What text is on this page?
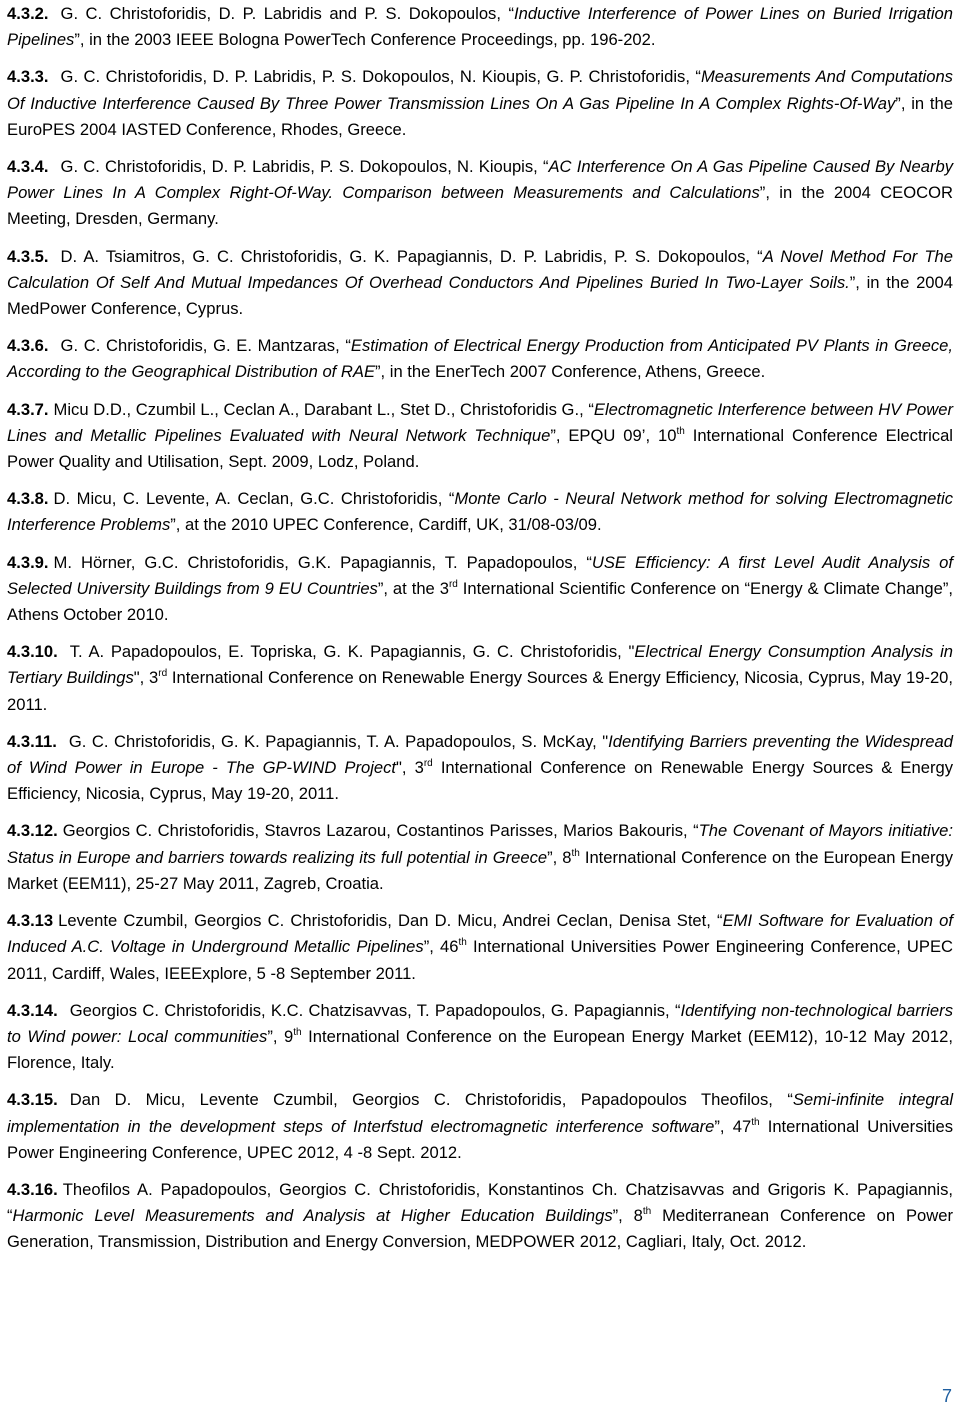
4.3.2. G. C. Christoforidis, D. P. Labridis and P. S. Dokopoulos, “Inductive Interference of Power Lines on Buried Irrigation Pipelines”, in the 2003 IEEE Bologna PowerTech Conference Proceedings, pp. 196-202.
4.3.3. G. C. Christoforidis, D. P. Labridis, P. S. Dokopoulos, N. Kioupis, G. P. Christoforidis, “Measurements And Computations Of Inductive Interference Caused By Three Power Transmission Lines On A Gas Pipeline In A Complex Rights-Of-Way”, in the EuroPES 2004 IASTED Conference, Rhodes, Greece.
4.3.4. G. C. Christoforidis, D. P. Labridis, P. S. Dokopoulos, N. Kioupis, “AC Interference On A Gas Pipeline Caused By Nearby Power Lines In A Complex Right-Of-Way. Comparison between Measurements and Calculations”, in the 2004 CEOCOR Meeting, Dresden, Germany.
4.3.5. D. A. Tsiamitros, G. C. Christoforidis, G. K. Papagiannis, D. P. Labridis, P. S. Dokopoulos, “A Novel Method For The Calculation Of Self And Mutual Impedances Of Overhead Conductors And Pipelines Buried In Two-Layer Soils.”, in the 2004 MedPower Conference, Cyprus.
4.3.6. G. C. Christoforidis, G. E. Mantzaras, “Estimation of Electrical Energy Production from Anticipated PV Plants in Greece, According to the Geographical Distribution of RAE”, in the EnerTech 2007 Conference, Athens, Greece.
4.3.7. Micu D.D., Czumbil L., Ceclan A., Darabant L., Stet D., Christoforidis G., “Electromagnetic Interference between HV Power Lines and Metallic Pipelines Evaluated with Neural Network Technique”, EPQU 09’, 10th International Conference Electrical Power Quality and Utilisation, Sept. 2009, Lodz, Poland.
4.3.8. D. Micu, C. Levente, A. Ceclan, G.C. Christoforidis, “Monte Carlo - Neural Network method for solving Electromagnetic Interference Problems”, at the 2010 UPEC Conference, Cardiff, UK, 31/08-03/09.
4.3.9. M. Hörner, G.C. Christoforidis, G.K. Papagiannis, T. Papadopoulos, “USE Efficiency: A first Level Audit Analysis of Selected University Buildings from 9 EU Countries”, at the 3rd International Scientific Conference on “Energy & Climate Change”, Athens October 2010.
4.3.10. T. A. Papadopoulos, E. Topriska, G. K. Papagiannis, G. C. Christoforidis, "Electrical Energy Consumption Analysis in Tertiary Buildings", 3rd International Conference on Renewable Energy Sources & Energy Efficiency, Nicosia, Cyprus, May 19-20, 2011.
4.3.11. G. C. Christoforidis, G. K. Papagiannis, T. A. Papadopoulos, S. McKay, "Identifying Barriers preventing the Widespread of Wind Power in Europe - The GP-WIND Project", 3rd International Conference on Renewable Energy Sources & Energy Efficiency, Nicosia, Cyprus, May 19-20, 2011.
4.3.12. Georgios C. Christoforidis, Stavros Lazarou, Costantinos Parisses, Marios Bakouris, “The Covenant of Mayors initiative: Status in Europe and barriers towards realizing its full potential in Greece”, 8th International Conference on the European Energy Market (EEM11), 25-27 May 2011, Zagreb, Croatia.
4.3.13 Levente Czumbil, Georgios C. Christoforidis, Dan D. Micu, Andrei Ceclan, Denisa Stet, “EMI Software for Evaluation of Induced A.C. Voltage in Underground Metallic Pipelines”, 46th International Universities Power Engineering Conference, UPEC 2011, Cardiff, Wales, IEEExplore, 5 -8 September 2011.
4.3.14. Georgios C. Christoforidis, K.C. Chatzisavvas, T. Papadopoulos, G. Papagiannis, “Identifying non-technological barriers to Wind power: Local communities”, 9th International Conference on the European Energy Market (EEM12), 10-12 May 2012, Florence, Italy.
4.3.15. Dan D. Micu, Levente Czumbil, Georgios C. Christoforidis, Papadopoulos Theofilos, “Semi-infinite integral implementation in the development steps of Interfstud electromagnetic interference software”, 47th International Universities Power Engineering Conference, UPEC 2012, 4 -8 Sept. 2012.
4.3.16. Theofilos A. Papadopoulos, Georgios C. Christoforidis, Konstantinos Ch. Chatzisavvas and Grigoris K. Papagiannis, “Harmonic Level Measurements and Analysis at Higher Education Buildings”, 8th Mediterranean Conference on Power Generation, Transmission, Distribution and Energy Conversion, MEDPOWER 2012, Cagliari, Italy, Oct. 2012.
7
